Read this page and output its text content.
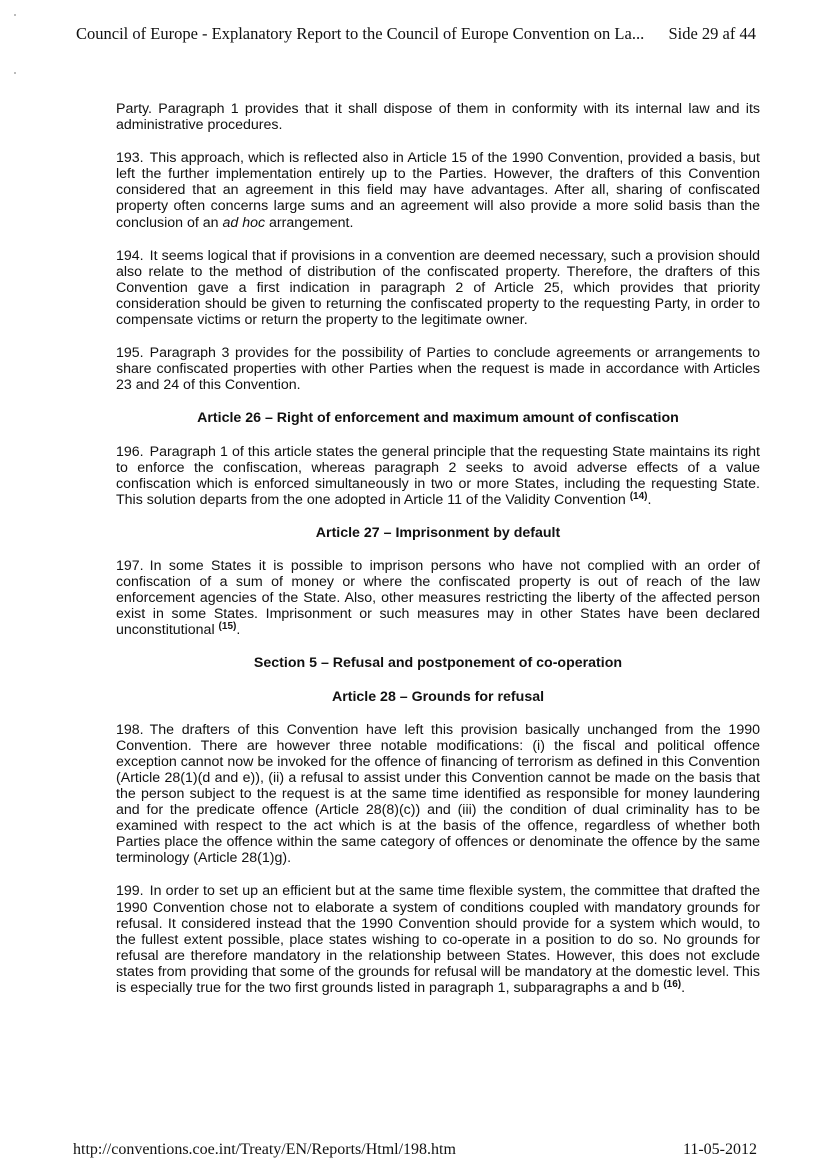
Council of Europe - Explanatory Report to the Council of Europe Convention on La... Side 29 af 44

Party. Paragraph 1 provides that it shall dispose of them in conformity with its internal law and its administrative procedures.

193. This approach, which is reflected also in Article 15 of the 1990 Convention, provided a basis, but left the further implementation entirely up to the Parties. However, the drafters of this Convention considered that an agreement in this field may have advantages. After all, sharing of confiscated property often concerns large sums and an agreement will also provide a more solid basis than the conclusion of an ad hoc arrangement.

194. It seems logical that if provisions in a convention are deemed necessary, such a provision should also relate to the method of distribution of the confiscated property. Therefore, the drafters of this Convention gave a first indication in paragraph 2 of Article 25, which provides that priority consideration should be given to returning the confiscated property to the requesting Party, in order to compensate victims or return the property to the legitimate owner.

195. Paragraph 3 provides for the possibility of Parties to conclude agreements or arrangements to share confiscated properties with other Parties when the request is made in accordance with Articles 23 and 24 of this Convention.

Article 26 – Right of enforcement and maximum amount of confiscation

196. Paragraph 1 of this article states the general principle that the requesting State maintains its right to enforce the confiscation, whereas paragraph 2 seeks to avoid adverse effects of a value confiscation which is enforced simultaneously in two or more States, including the requesting State. This solution departs from the one adopted in Article 11 of the Validity Convention $^{(14)}$.

Article 27 – Imprisonment by default

197. In some States it is possible to imprison persons who have not complied with an order of confiscation of a sum of money or where the confiscated property is out of reach of the law enforcement agencies of the State. Also, other measures restricting the liberty of the affected person exist in some States. Imprisonment or such measures may in other States have been declared unconstitutional $^{(15)}$.

Section 5 – Refusal and postponement of co-operation
Article 28 – Grounds for refusal

198. The drafters of this Convention have left this provision basically unchanged from the 1990 Convention. There are however three notable modifications: (i) the fiscal and political offence exception cannot now be invoked for the offence of financing of terrorism as defined in this Convention (Article 28(1)(d and e)), (ii) a refusal to assist under this Convention cannot be made on the basis that the person subject to the request is at the same time identified as responsible for money laundering and for the predicate offence (Article 28(8)(c)) and (iii) the condition of dual criminality has to be examined with respect to the act which is at the basis of the offence, regardless of whether both Parties place the offence within the same category of offences or denominate the offence by the same terminology (Article 28(1)g).

199. In order to set up an efficient but at the same time flexible system, the committee that drafted the 1990 Convention chose not to elaborate a system of conditions coupled with mandatory grounds for refusal. It considered instead that the 1990 Convention should provide for a system which would, to the fullest extent possible, place states wishing to co-operate in a position to do so. No grounds for refusal are therefore mandatory in the relationship between States. However, this does not exclude states from providing that some of the grounds for refusal will be mandatory at the domestic level. This is especially true for the two first grounds listed in paragraph 1, subparagraphs a and b $^{(16)}$.

http://conventions.coe.int/Treaty/EN/Reports/Html/198.htm	11-05-2012
